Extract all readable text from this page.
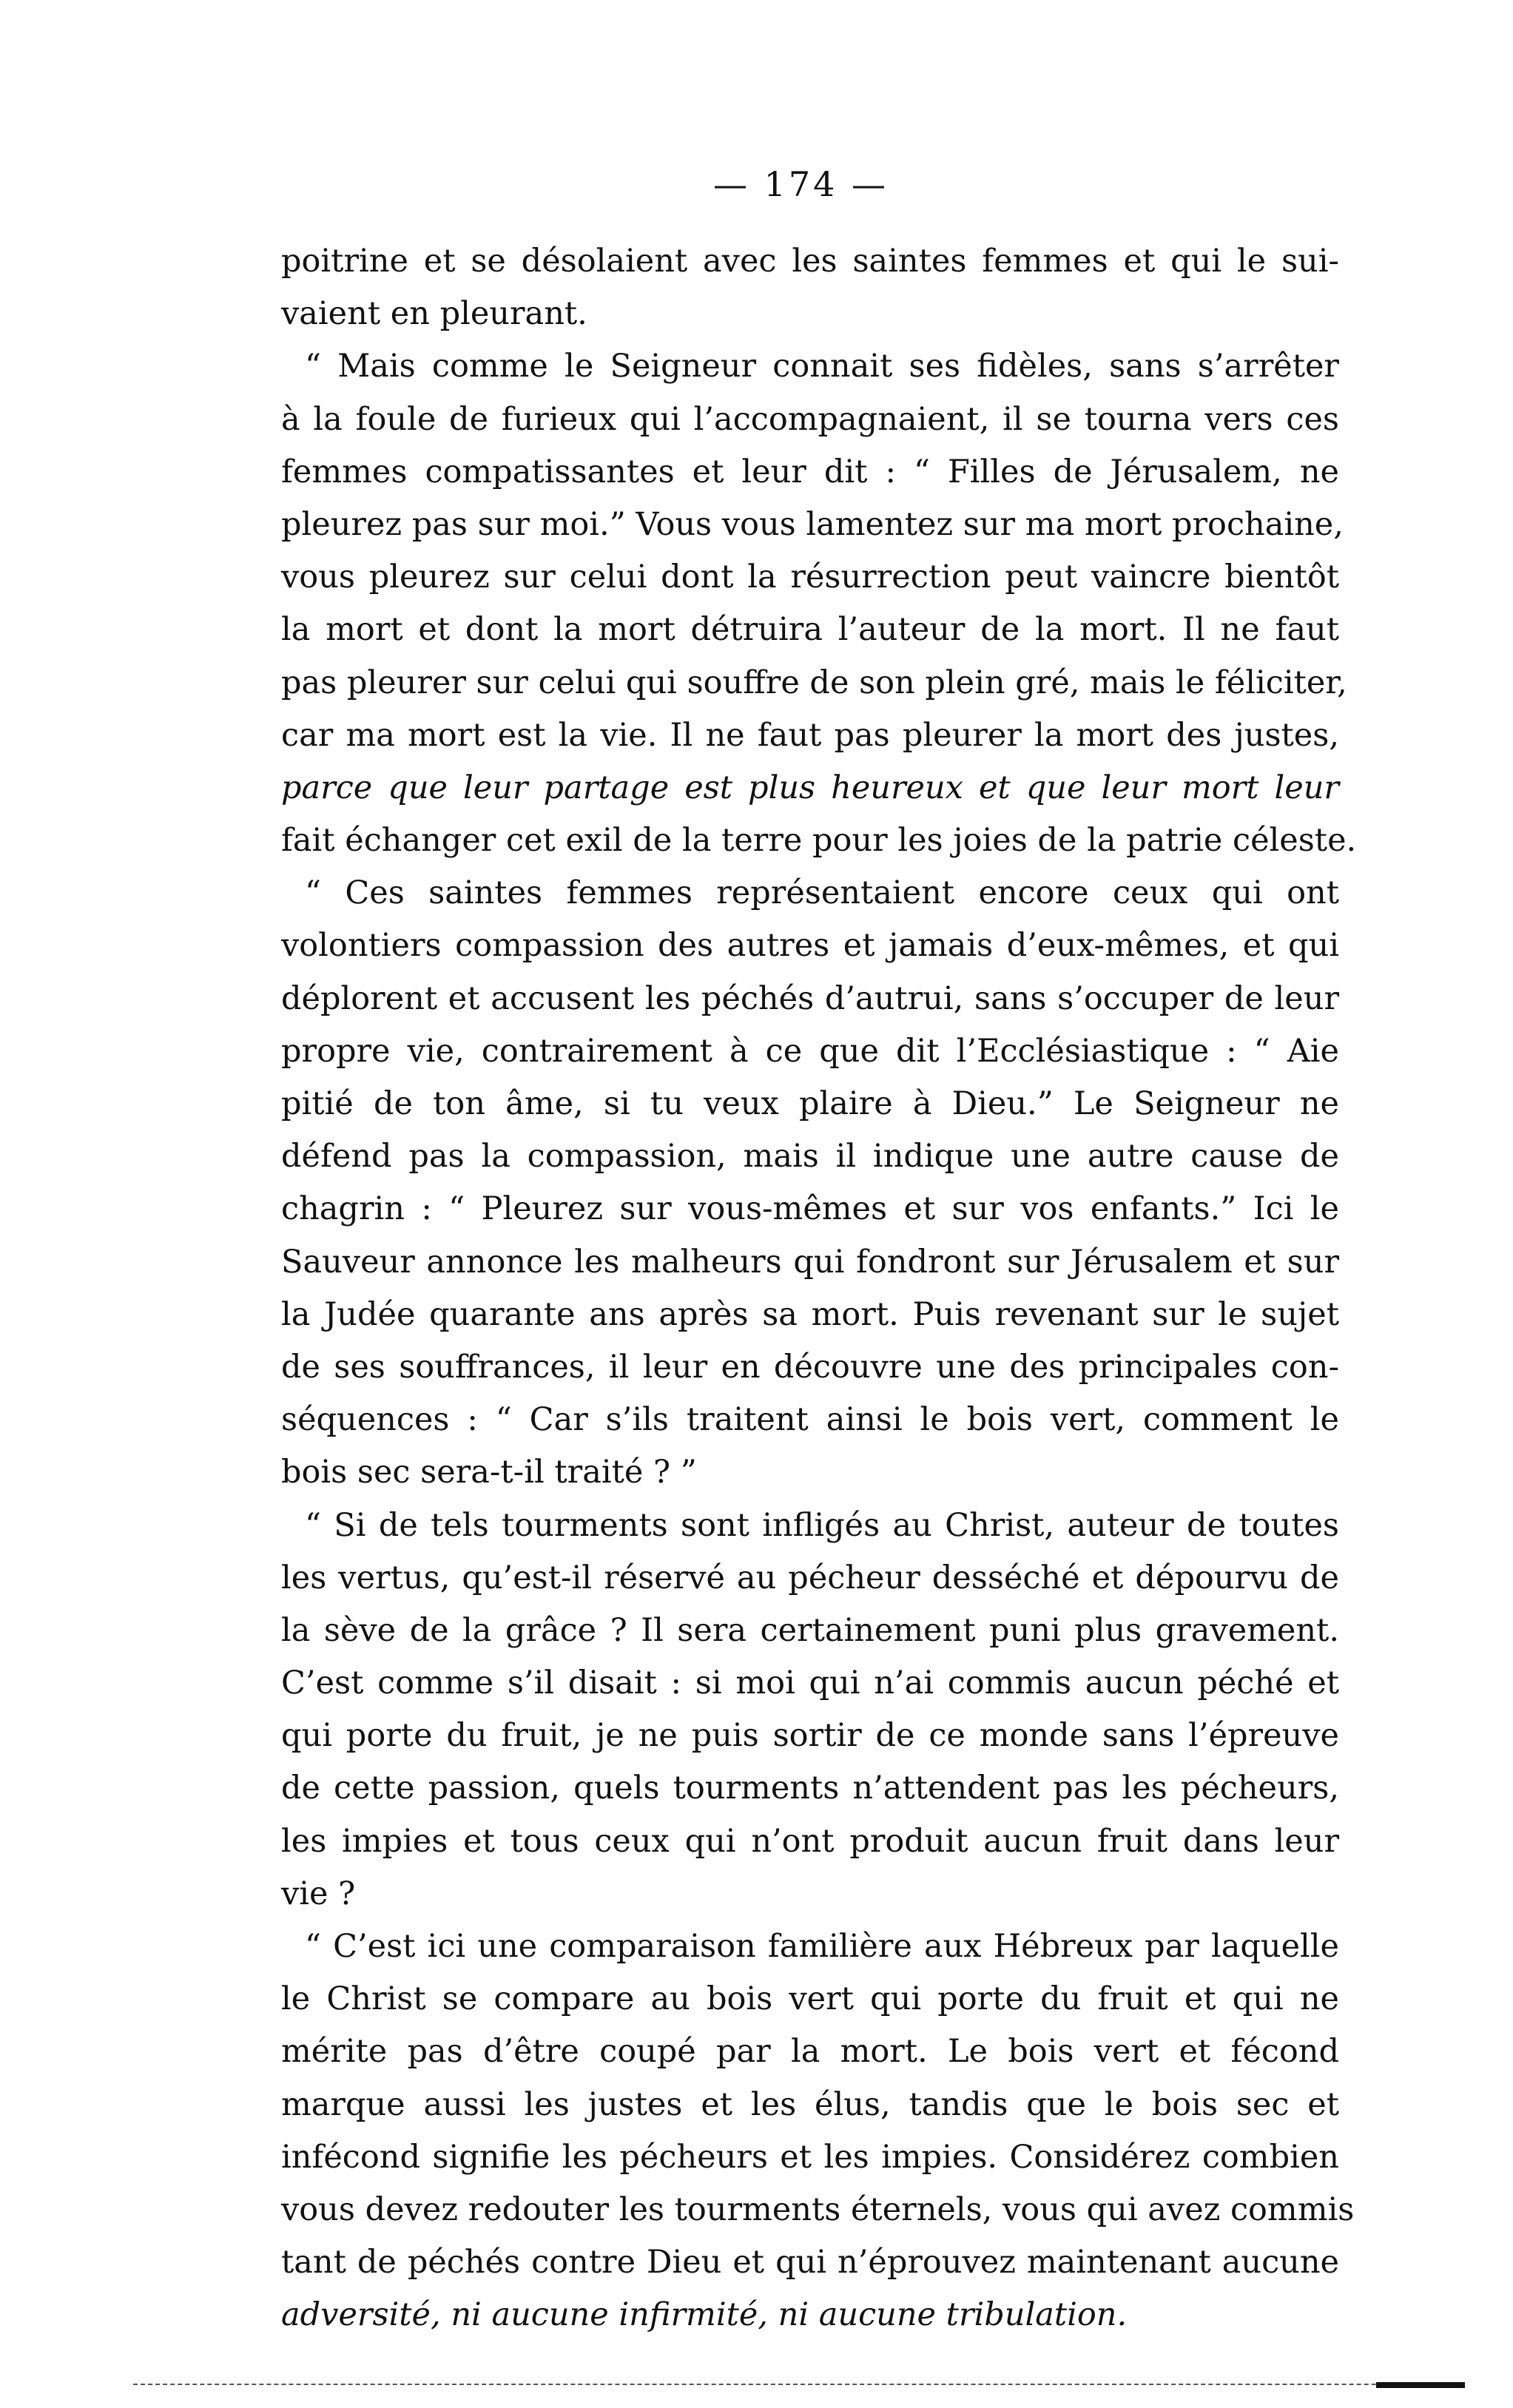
— 174 —
poitrine et se désolaient avec les saintes femmes et qui le sui-
vaient en pleurant.
“ Mais comme le Seigneur connait ses fidèles, sans s’arrêter
à la foule de furieux qui l’accompagnaient, il se tourna vers ces
femmes compatissantes et leur dit : “ Filles de Jérusalem, ne
pleurez pas sur moi.” Vous vous lamentez sur ma mort prochaine,
vous pleurez sur celui dont la résurrection peut vaincre bientôt
la mort et dont la mort détruira l’auteur de la mort. Il ne faut
pas pleurer sur celui qui souffre de son plein gré, mais le féliciter,
car ma mort est la vie. Il ne faut pas pleurer la mort des justes,
parce que leur partage est plus heureux et que leur mort leur
fait échanger cet exil de la terre pour les joies de la patrie céleste.
“ Ces saintes femmes représentaient encore ceux qui ont
volontiers compassion des autres et jamais d’eux-mêmes, et qui
déplorent et accusent les péchés d’autrui, sans s’occuper de leur
propre vie, contrairement à ce que dit l’Ecclésiastique : “ Aie
pitié de ton âme, si tu veux plaire à Dieu.” Le Seigneur ne
défend pas la compassion, mais il indique une autre cause de
chagrin : “ Pleurez sur vous-mêmes et sur vos enfants.” Ici le
Sauveur annonce les malheurs qui fondront sur Jérusalem et sur
la Judée quarante ans après sa mort. Puis revenant sur le sujet
de ses souffrances, il leur en découvre une des principales con-
séquences : “ Car s’ils traitent ainsi le bois vert, comment le
bois sec sera-t-il traité ? ”
“ Si de tels tourments sont infligés au Christ, auteur de toutes
les vertus, qu’est-il réservé au pécheur desséché et dépourvu de
la sève de la grâce ? Il sera certainement puni plus gravement.
C’est comme s’il disait : si moi qui n’ai commis aucun péché et
qui porte du fruit, je ne puis sortir de ce monde sans l’épreuve
de cette passion, quels tourments n’attendent pas les pécheurs,
les impies et tous ceux qui n’ont produit aucun fruit dans leur
vie ?
“ C’est ici une comparaison familière aux Hébreux par laquelle
le Christ se compare au bois vert qui porte du fruit et qui ne
mérite pas d’être coupé par la mort. Le bois vert et fécond
marque aussi les justes et les élus, tandis que le bois sec et
infécond signifie les pécheurs et les impies. Considérez combien
vous devez redouter les tourments éternels, vous qui avez commis
tant de péchés contre Dieu et qui n’éprouvez maintenant aucune
adversité, ni aucune infirmité, ni aucune tribulation.
